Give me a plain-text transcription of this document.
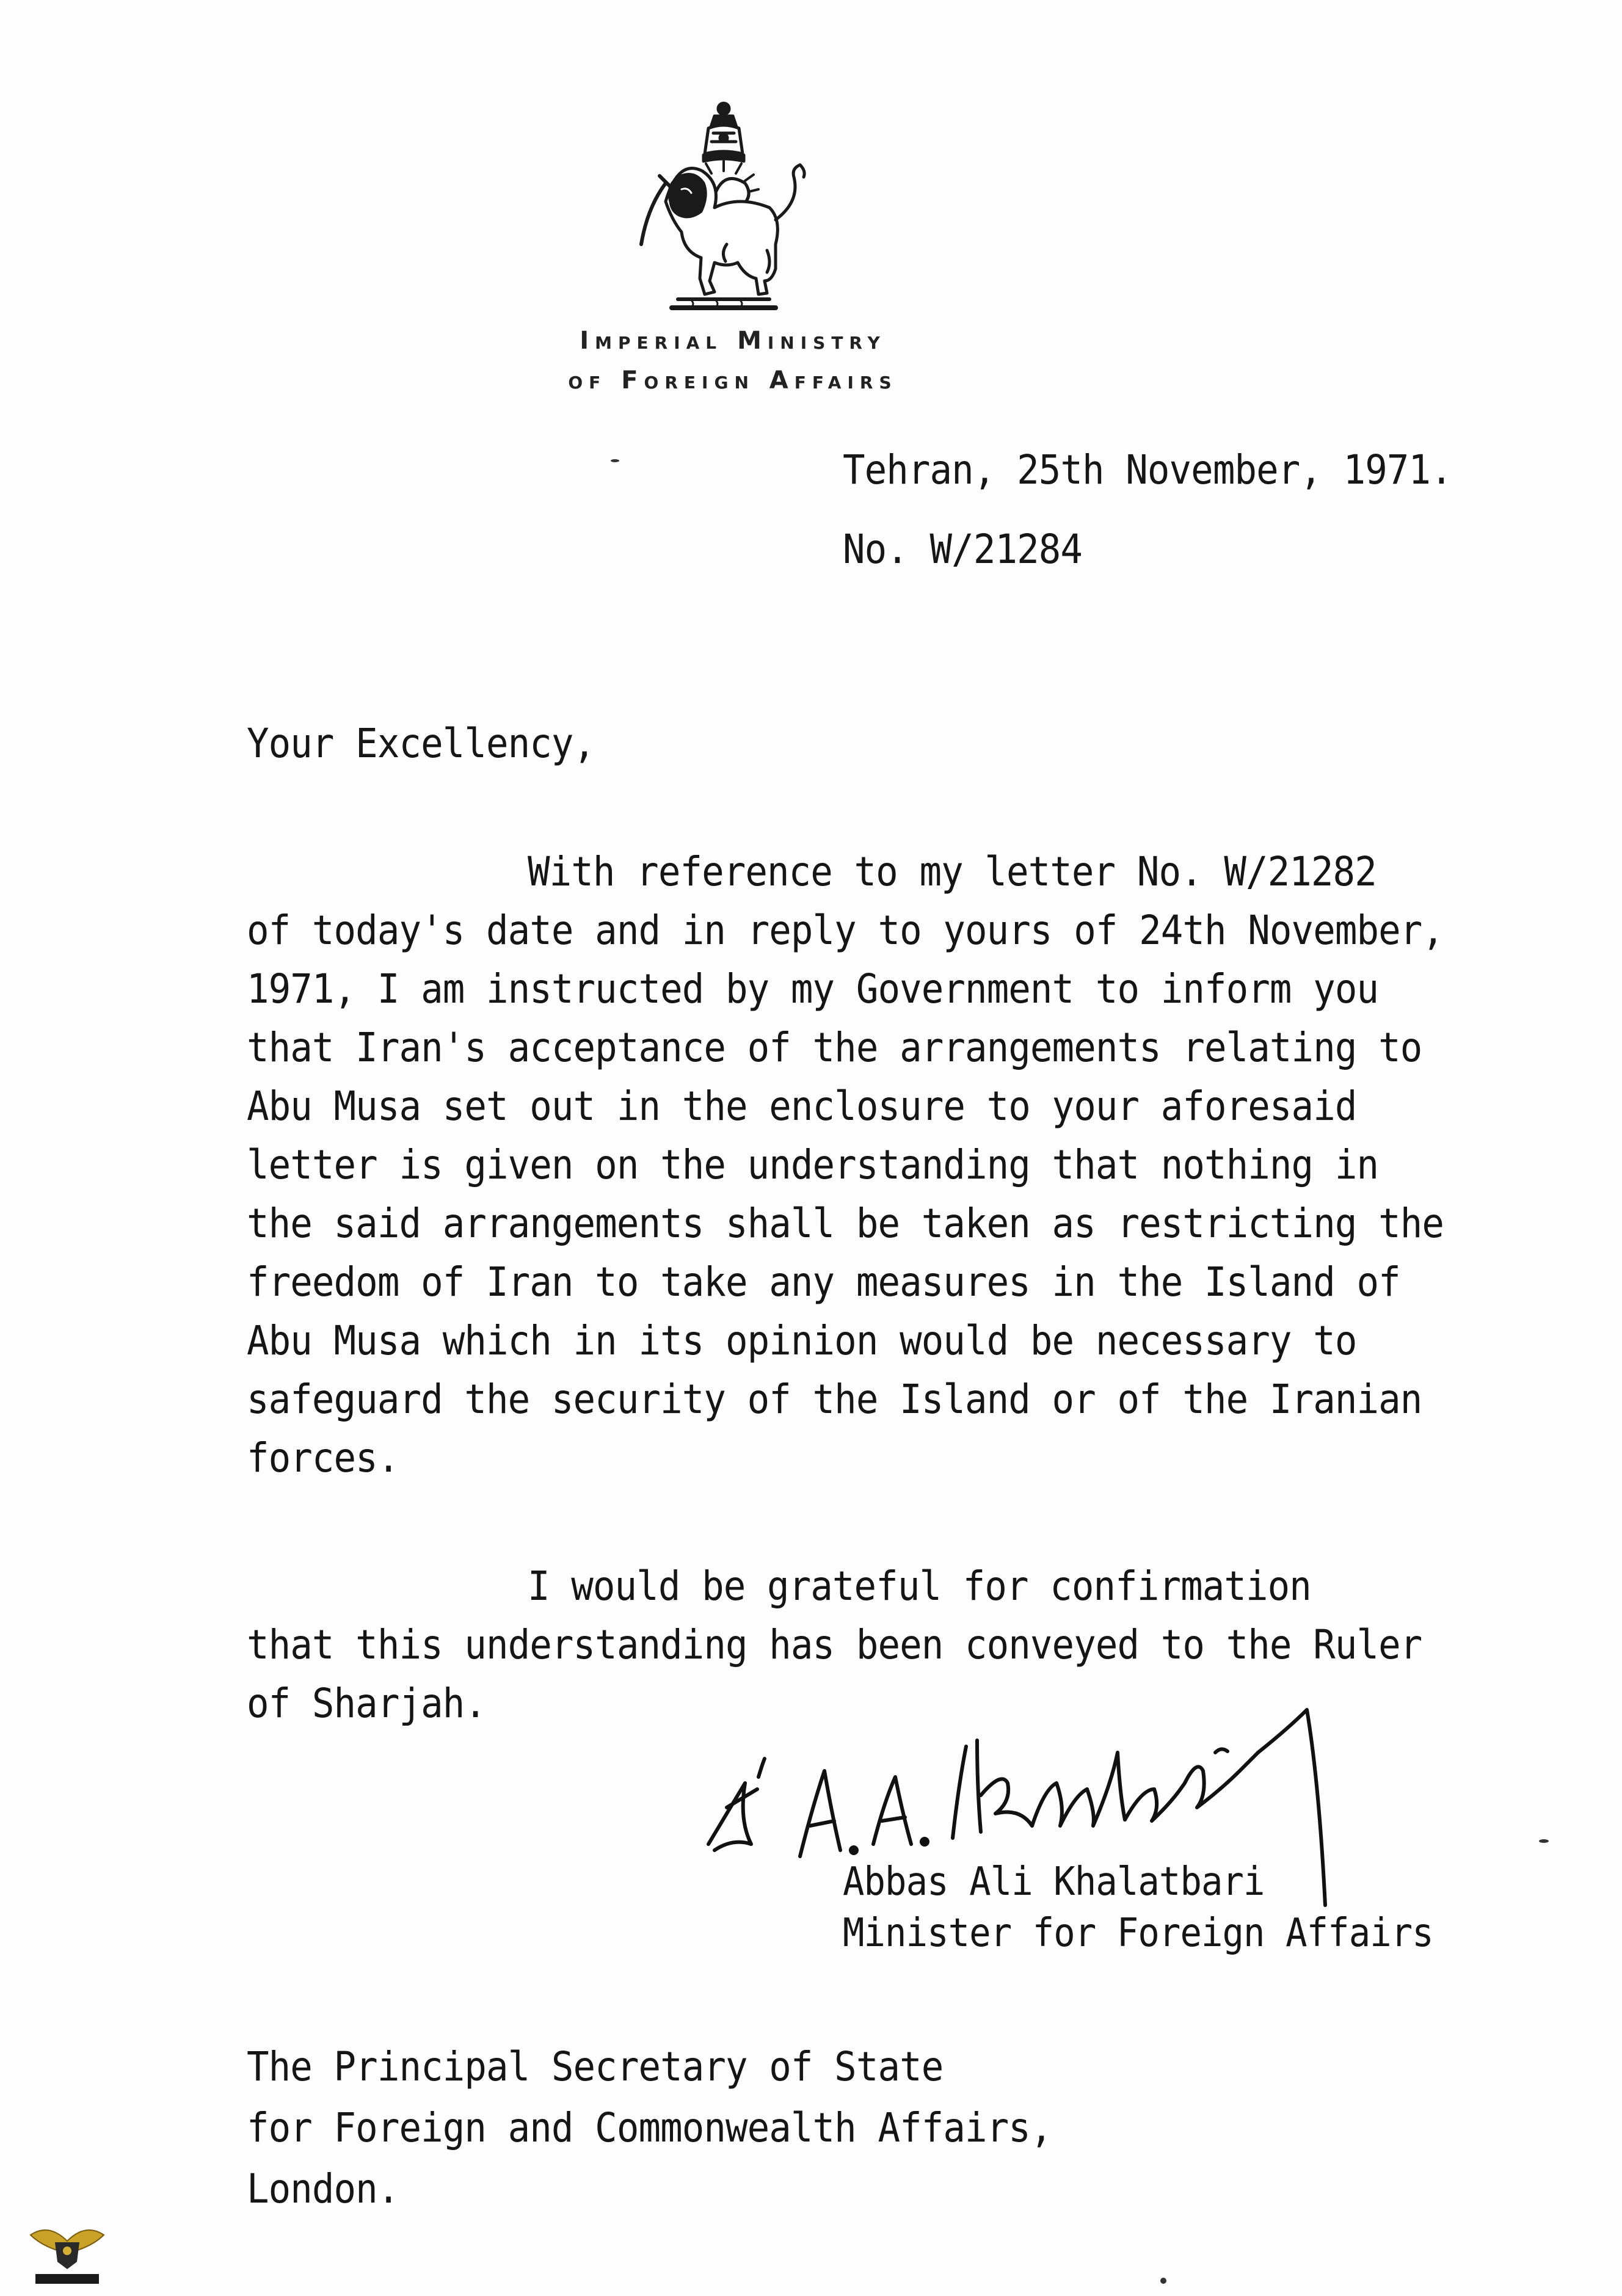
Imperial Ministry
of Foreign Affairs
Tehran, 25th November, 1971.
No. W/21284
Your Excellency,
With reference to my letter No. W/21282
of today's date and in reply to yours of 24th November,
1971, I am instructed by my Government to inform you
that Iran's acceptance of the arrangements relating to
Abu Musa set out in the enclosure to your aforesaid
letter is given on the understanding that nothing in
the said arrangements shall be taken as restricting the
freedom of Iran to take any measures in the Island of
Abu Musa which in its opinion would be necessary to
safeguard the security of the Island or of the Iranian
forces.
I would be grateful for confirmation
that this understanding has been conveyed to the Ruler
of Sharjah.
Abbas Ali Khalatbari
Minister for Foreign Affairs
The Principal Secretary of State
for Foreign and Commonwealth Affairs,
London.
